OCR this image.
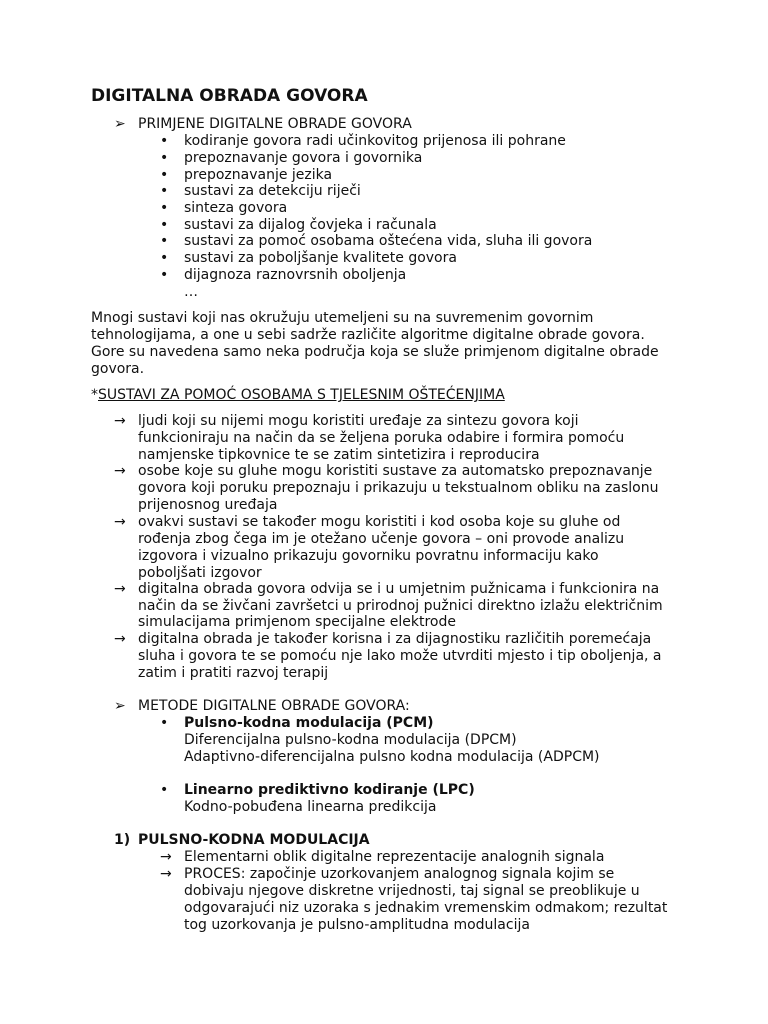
DIGITALNA OBRADA GOVORA
➢ PRIMJENE DIGITALNE OBRADE GOVORA
• kodiranje govora radi učinkovitog prijenosa ili pohrane
• prepoznavanje govora i govornika
• prepoznavanje jezika
• sustavi za detekciju riječi
• sinteza govora
• sustavi za dijalog čovjeka i računala
• sustavi za pomoć osobama oštećena vida, sluha ili govora
• sustavi za poboljšanje kvalitete govora
• dijagnoza raznovrsnih oboljenja
…
Mnogi sustavi koji nas okružuju utemeljeni su na suvremenim govornim
tehnologijama, a one u sebi sadrže različite algoritme digitalne obrade govora.
Gore su navedena samo neka područja koja se služe primjenom digitalne obrade
govora.
*SUSTAVI ZA POMOĆ OSOBAMA S TJELESNIM OŠTEĆENJIMA
→ ljudi koji su nijemi mogu koristiti uređaje za sintezu govora koji
funkcioniraju na način da se željena poruka odabire i formira pomoću
namjenske tipkovnice te se zatim sintetizira i reproducira
→ osobe koje su gluhe mogu koristiti sustave za automatsko prepoznavanje
govora koji poruku prepoznaju i prikazuju u tekstualnom obliku na zaslonu
prijenosnog uređaja
→ ovakvi sustavi se također mogu koristiti i kod osoba koje su gluhe od
rođenja zbog čega im je otežano učenje govora – oni provode analizu
izgovora i vizualno prikazuju govorniku povratnu informaciju kako
poboljšati izgovor
→ digitalna obrada govora odvija se i u umjetnim pužnicama i funkcionira na
način da se živčani završetci u prirodnoj pužnici direktno izlažu električnim
simulacijama primjenom specijalne elektrode
→ digitalna obrada je također korisna i za dijagnostiku različitih poremećaja
sluha i govora te se pomoću nje lako može utvrditi mjesto i tip oboljenja, a
zatim i pratiti razvoj terapij
➢ METODE DIGITALNE OBRADE GOVORA:
• Pulsno-kodna modulacija (PCM)
Diferencijalna pulsno-kodna modulacija (DPCM)
Adaptivno-diferencijalna pulsno kodna modulacija (ADPCM)
• Linearno prediktivno kodiranje (LPC)
Kodno-pobuđena linearna predikcija
1) PULSNO-KODNA MODULACIJA
→ Elementarni oblik digitalne reprezentacije analognih signala
→ PROCES: započinje uzorkovanjem analognog signala kojim se
dobivaju njegove diskretne vrijednosti, taj signal se preoblikuje u
odgovarajući niz uzoraka s jednakim vremenskim odmakom; rezultat
tog uzorkovanja je pulsno-amplitudna modulacija
